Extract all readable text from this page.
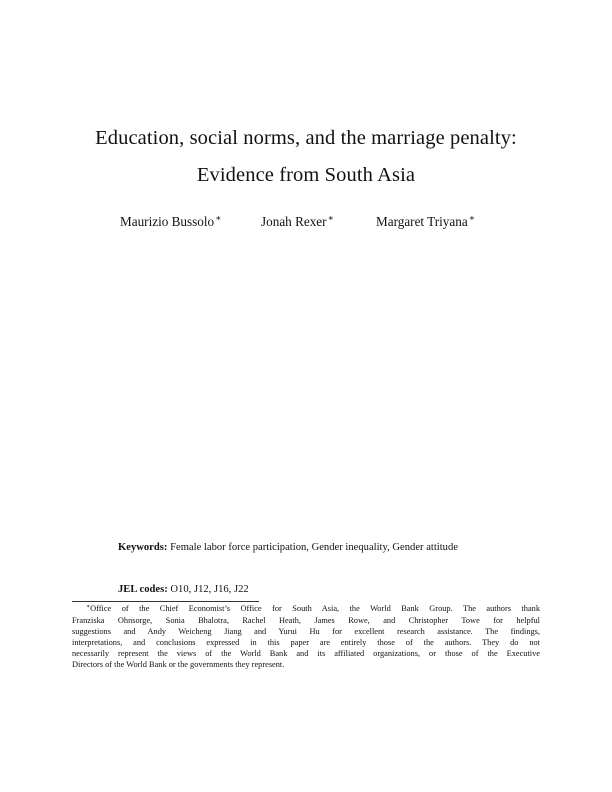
Education, social norms, and the marriage penalty:
Evidence from South Asia
Maurizio Bussolo∗	Jonah Rexer∗	Margaret Triyana∗
Keywords: Female labor force participation, Gender inequality, Gender attitude
JEL codes: O10, J12, J16, J22
∗Office of the Chief Economist’s Office for South Asia, the World Bank Group. The authors thank
Franziska Ohnsorge, Sonia Bhalotra, Rachel Heath, James Rowe, and Christopher Towe for helpful
suggestions and Andy Weicheng Jiang and Yurui Hu for excellent research assistance. The findings,
interpretations, and conclusions expressed in this paper are entirely those of the authors. They do not
necessarily represent the views of the World Bank and its affiliated organizations, or those of the Executive
Directors of the World Bank or the governments they represent.
